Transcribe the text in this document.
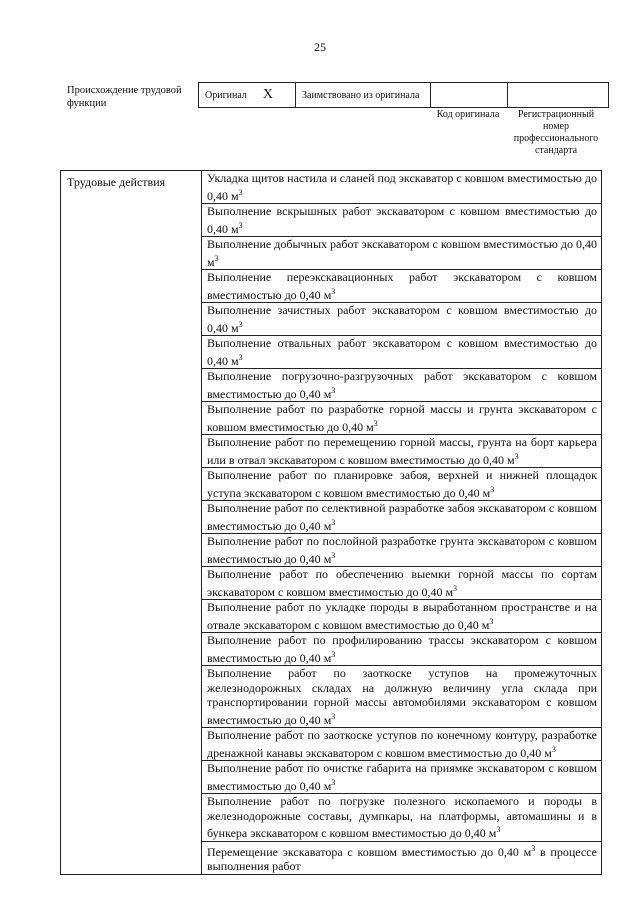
25
Происхождение трудовой функции
Оригинал X	Заимствовано из оригинала		
Код оригинала	Регистрационный номер профессионального стандарта
Трудовые действия	Укладка щитов настила и сланей под экскаватор с ковшом вместимостью до 0,40 $м^3$
Выполнение вскрышных работ экскаватором с ковшом вместимостью до 0,40 $м^3$
Выполнение добычных работ экскаватором с ковшом вместимостью до 0,40 $м^3$
Выполнение переэкскавационных работ экскаватором с ковшом вместимостью до 0,40 $м^3$
Выполнение зачистных работ экскаватором с ковшом вместимостью до 0,40 $м^3$
Выполнение отвальных работ экскаватором с ковшом вместимостью до 0,40 $м^3$
Выполнение погрузочно-разгрузочных работ экскаватором с ковшом вместимостью до 0,40 $м^3$
Выполнение работ по разработке горной массы и грунта экскаватором с ковшом вместимостью до 0,40 $м^3$
Выполнение работ по перемещению горной массы, грунта на борт карьера или в отвал экскаватором с ковшом вместимостью до 0,40 $м^3$
Выполнение работ по планировке забоя, верхней и нижней площадок уступа экскаватором с ковшом вместимостью до 0,40 $м^3$
Выполнение работ по селективной разработке забоя экскаватором с ковшом вместимостью до 0,40 $м^3$
Выполнение работ по послойной разработке грунта экскаватором с ковшом вместимостью до 0,40 $м^3$
Выполнение работ по обеспечению выемки горной массы по сортам экскаватором с ковшом вместимостью до 0,40 $м^3$
Выполнение работ по укладке породы в выработанном пространстве и на отвале экскаватором с ковшом вместимостью до 0,40 $м^3$
Выполнение работ по профилированию трассы экскаватором с ковшом вместимостью до 0,40 $м^3$
Выполнение работ по заоткоске уступов на промежуточных железнодорожных складах на должную величину угла склада при транспортировании горной массы автомобилями экскаватором с ковшом вместимостью до 0,40 $м^3$
Выполнение работ по заоткоске уступов по конечному контуру, разработке дренажной канавы экскаватором с ковшом вместимостью до 0,40 $м^3$
Выполнение работ по очистке габарита на приямке экскаватором с ковшом вместимостью до 0,40 $м^3$
Выполнение работ по погрузке полезного ископаемого и породы в железнодорожные составы, думпкары, на платформы, автомашины и в бункера экскаватором с ковшом вместимостью до 0,40 $м^3$
Перемещение экскаватора с ковшом вместимостью до 0,40 $м^3$ в процессе выполнения работ
